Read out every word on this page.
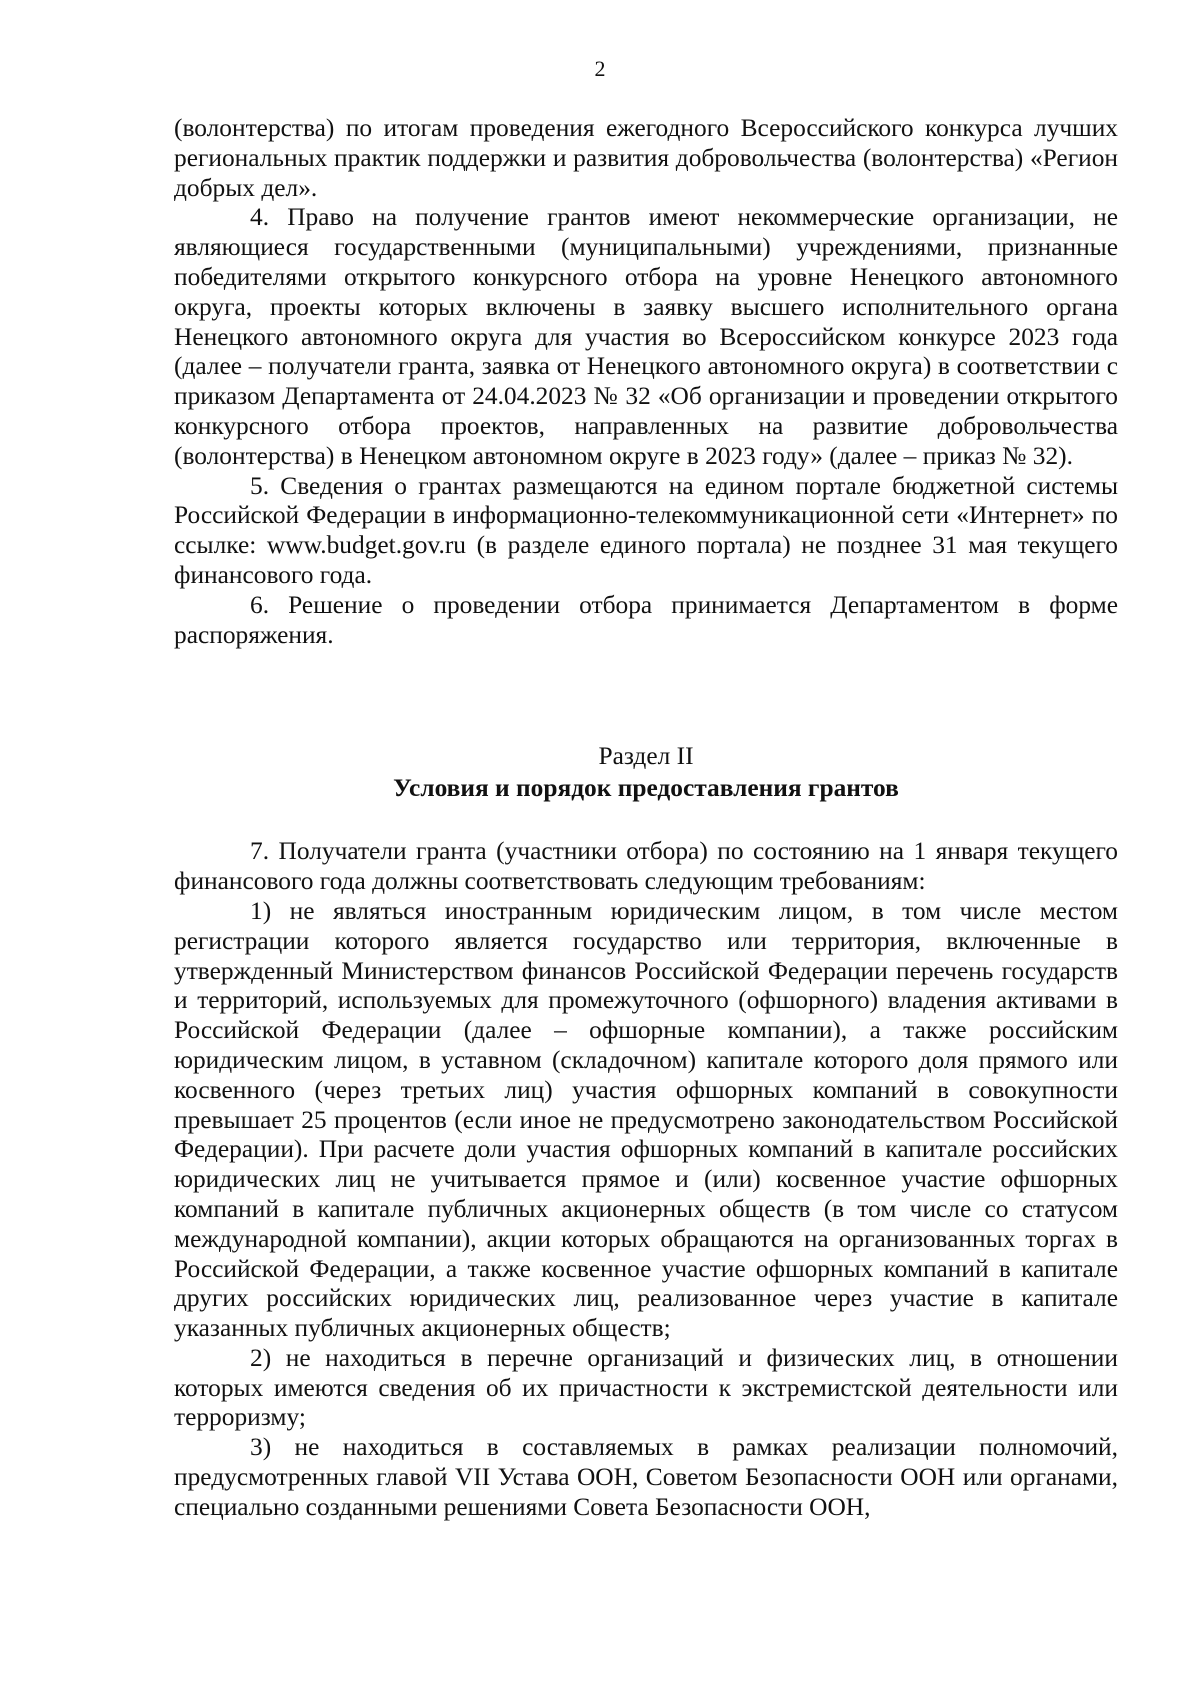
2

(волонтерства) по итогам проведения ежегодного Всероссийского конкурса лучших региональных практик поддержки и развития добровольчества (волонтерства) «Регион добрых дел».

4. Право на получение грантов имеют некоммерческие организации, не являющиеся государственными (муниципальными) учреждениями, признанные победителями открытого конкурсного отбора на уровне Ненецкого автономного округа, проекты которых включены в заявку высшего исполнительного органа Ненецкого автономного округа для участия во Всероссийском конкурсе 2023 года (далее – получатели гранта, заявка от Ненецкого автономного округа) в соответствии с приказом Департамента от 24.04.2023 № 32 «Об организации и проведении открытого конкурсного отбора проектов, направленных на развитие добровольчества (волонтерства) в Ненецком автономном округе в 2023 году» (далее – приказ № 32).

5. Сведения о грантах размещаются на едином портале бюджетной системы Российской Федерации в информационно-телекоммуникационной сети «Интернет» по ссылке: www.budget.gov.ru (в разделе единого портала) не позднее 31 мая текущего финансового года.

6. Решение о проведении отбора принимается Департаментом в форме распоряжения.

Раздел II
Условия и порядок предоставления грантов

7. Получатели гранта (участники отбора) по состоянию на 1 января текущего финансового года должны соответствовать следующим требованиям:

1) не являться иностранным юридическим лицом, в том числе местом регистрации которого является государство или территория, включенные в утвержденный Министерством финансов Российской Федерации перечень государств и территорий, используемых для промежуточного (офшорного) владения активами в Российской Федерации (далее – офшорные компании), а также российским юридическим лицом, в уставном (складочном) капитале которого доля прямого или косвенного (через третьих лиц) участия офшорных компаний в совокупности превышает 25 процентов (если иное не предусмотрено законодательством Российской Федерации). При расчете доли участия офшорных компаний в капитале российских юридических лиц не учитывается прямое и (или) косвенное участие офшорных компаний в капитале публичных акционерных обществ (в том числе со статусом международной компании), акции которых обращаются на организованных торгах в Российской Федерации, а также косвенное участие офшорных компаний в капитале других российских юридических лиц, реализованное через участие в капитале указанных публичных акционерных обществ;

2) не находиться в перечне организаций и физических лиц, в отношении которых имеются сведения об их причастности к экстремистской деятельности или терроризму;

3) не находиться в составляемых в рамках реализации полномочий, предусмотренных главой VII Устава ООН, Советом Безопасности ООН или органами, специально созданными решениями Совета Безопасности ООН,
